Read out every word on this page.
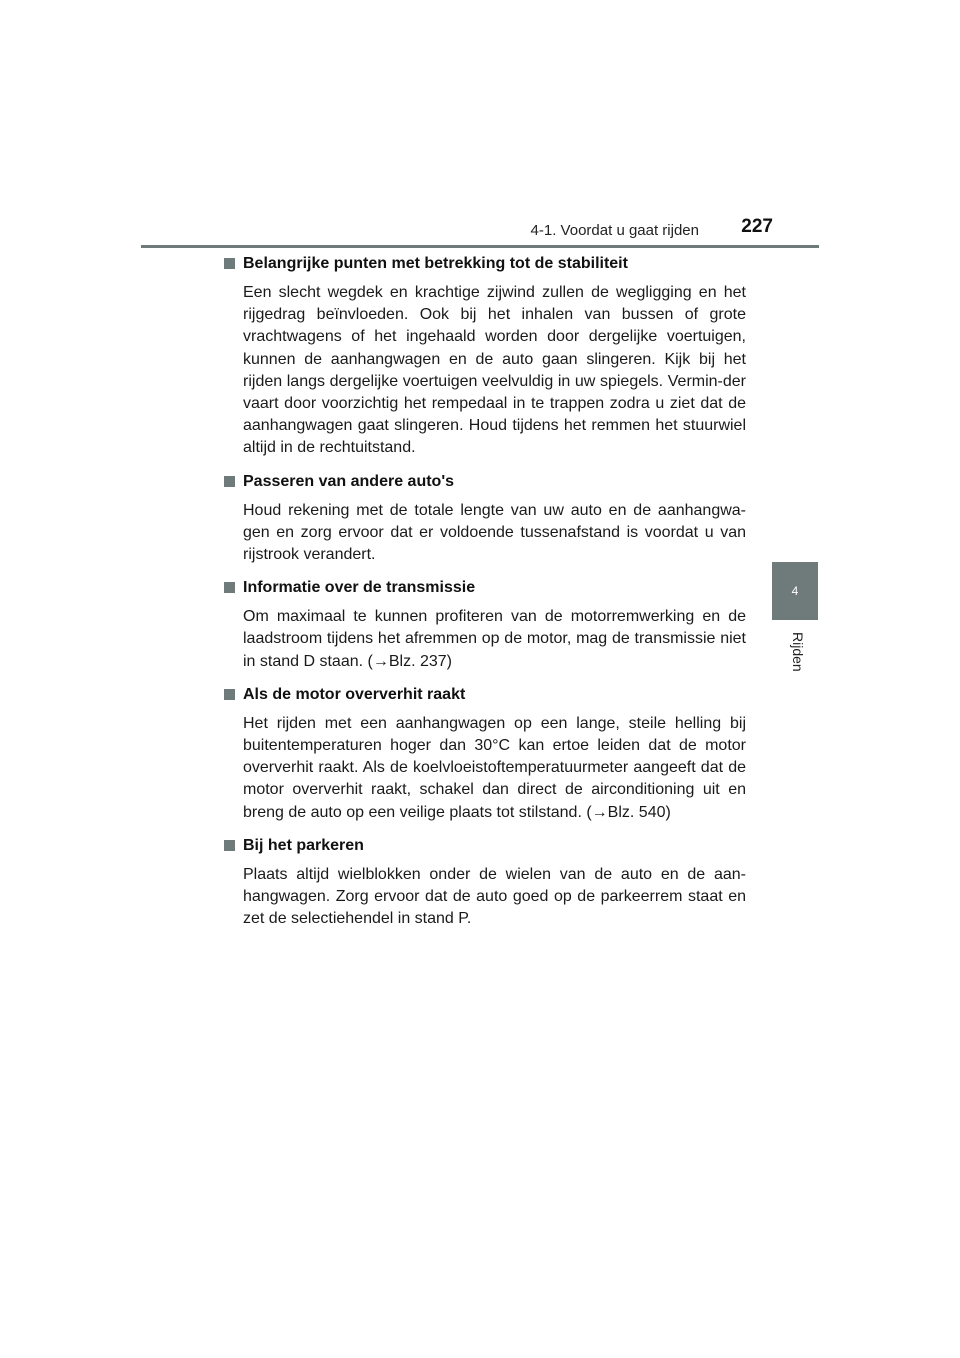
4-1. Voordat u gaat rijden 227
4
Rijden
Belangrijke punten met betrekking tot de stabiliteit
Een slecht wegdek en krachtige zijwind zullen de wegligging en het rijgedrag beïnvloeden. Ook bij het inhalen van bussen of grote vrachtwagens of het ingehaald worden door dergelijke voertuigen, kunnen de aanhangwagen en de auto gaan slingeren. Kijk bij het rijden langs dergelijke voertuigen veelvuldig in uw spiegels. Vermin-der vaart door voorzichtig het rempedaal in te trappen zodra u ziet dat de aanhangwagen gaat slingeren. Houd tijdens het remmen het stuurwiel altijd in de rechtuitstand.
Passeren van andere auto's
Houd rekening met de totale lengte van uw auto en de aanhangwa-gen en zorg ervoor dat er voldoende tussenafstand is voordat u van rijstrook verandert.
Informatie over de transmissie
Om maximaal te kunnen profiteren van de motorremwerking en de laadstroom tijdens het afremmen op de motor, mag de transmissie niet in stand D staan. (→Blz. 237)
Als de motor oververhit raakt
Het rijden met een aanhangwagen op een lange, steile helling bij buitentemperaturen hoger dan 30°C kan ertoe leiden dat de motor oververhit raakt. Als de koelvloeistoftemperatuurmeter aangeeft dat de motor oververhit raakt, schakel dan direct de airconditioning uit en breng de auto op een veilige plaats tot stilstand. (→Blz. 540)
Bij het parkeren
Plaats altijd wielblokken onder de wielen van de auto en de aan-hangwagen. Zorg ervoor dat de auto goed op de parkeerrem staat en zet de selectiehendel in stand P.
